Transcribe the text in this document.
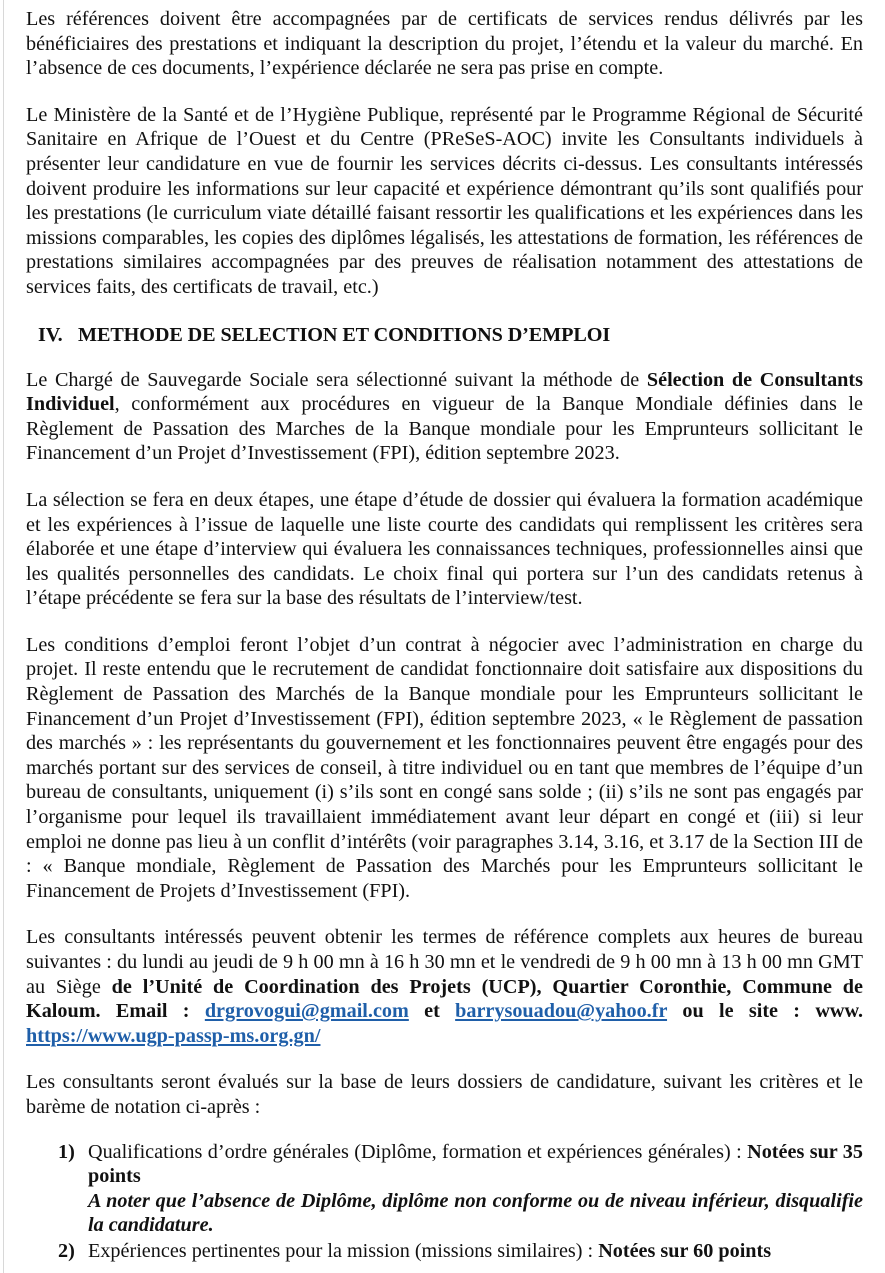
Les références doivent être accompagnées par de certificats de services rendus délivrés par les bénéficiaires des prestations et indiquant la description du projet, l’étendu et la valeur du marché. En l’absence de ces documents, l’expérience déclarée ne sera pas prise en compte.

Le Ministère de la Santé et de l’Hygiène Publique, représenté par le Programme Régional de Sécurité Sanitaire en Afrique de l’Ouest et du Centre (PReSeS-AOC) invite les Consultants individuels à présenter leur candidature en vue de fournir les services décrits ci-dessus. Les consultants intéressés doivent produire les informations sur leur capacité et expérience démontrant qu’ils sont qualifiés pour les prestations (le curriculum viate détaillé faisant ressortir les qualifications et les expériences dans les missions comparables, les copies des diplômes légalisés, les attestations de formation, les références de prestations similaires accompagnées par des preuves de réalisation notamment des attestations de services faits, des certificats de travail, etc.)

IV. METHODE DE SELECTION ET CONDITIONS D’EMPLOI

Le Chargé de Sauvegarde Sociale sera sélectionné suivant la méthode de Sélection de Consultants Individuel, conformément aux procédures en vigueur de la Banque Mondiale définies dans le Règlement de Passation des Marches de la Banque mondiale pour les Emprunteurs sollicitant le Financement d’un Projet d’Investissement (FPI), édition septembre 2023.

La sélection se fera en deux étapes, une étape d’étude de dossier qui évaluera la formation académique et les expériences à l’issue de laquelle une liste courte des candidats qui remplissent les critères sera élaborée et une étape d’interview qui évaluera les connaissances techniques, professionnelles ainsi que les qualités personnelles des candidats. Le choix final qui portera sur l’un des candidats retenus à l’étape précédente se fera sur la base des résultats de l’interview/test.

Les conditions d’emploi feront l’objet d’un contrat à négocier avec l’administration en charge du projet. Il reste entendu que le recrutement de candidat fonctionnaire doit satisfaire aux dispositions du Règlement de Passation des Marchés de la Banque mondiale pour les Emprunteurs sollicitant le Financement d’un Projet d’Investissement (FPI), édition septembre 2023, « le Règlement de passation des marchés » : les représentants du gouvernement et les fonctionnaires peuvent être engagés pour des marchés portant sur des services de conseil, à titre individuel ou en tant que membres de l’équipe d’un bureau de consultants, uniquement (i) s’ils sont en congé sans solde ; (ii) s’ils ne sont pas engagés par l’organisme pour lequel ils travaillaient immédiatement avant leur départ en congé et (iii) si leur emploi ne donne pas lieu à un conflit d’intérêts (voir paragraphes 3.14, 3.16, et 3.17 de la Section III de : « Banque mondiale, Règlement de Passation des Marchés pour les Emprunteurs sollicitant le Financement de Projets d’Investissement (FPI).

Les consultants intéressés peuvent obtenir les termes de référence complets aux heures de bureau suivantes : du lundi au jeudi de 9 h 00 mn à 16 h 30 mn et le vendredi de 9 h 00 mn à 13 h 00 mn GMT au Siège de l’Unité de Coordination des Projets (UCP), Quartier Coronthie, Commune de Kaloum. Email : drgrovogui@gmail.com et barrysouadou@yahoo.fr ou le site : www. https://www.ugp-passp-ms.org.gn/

Les consultants seront évalués sur la base de leurs dossiers de candidature, suivant les critères et le barème de notation ci-après :

1) Qualifications d’ordre générales (Diplôme, formation et expériences générales) : Notées sur 35 points
A noter que l’absence de Diplôme, diplôme non conforme ou de niveau inférieur, disqualifie la candidature.
2) Expériences pertinentes pour la mission (missions similaires) : Notées sur 60 points
